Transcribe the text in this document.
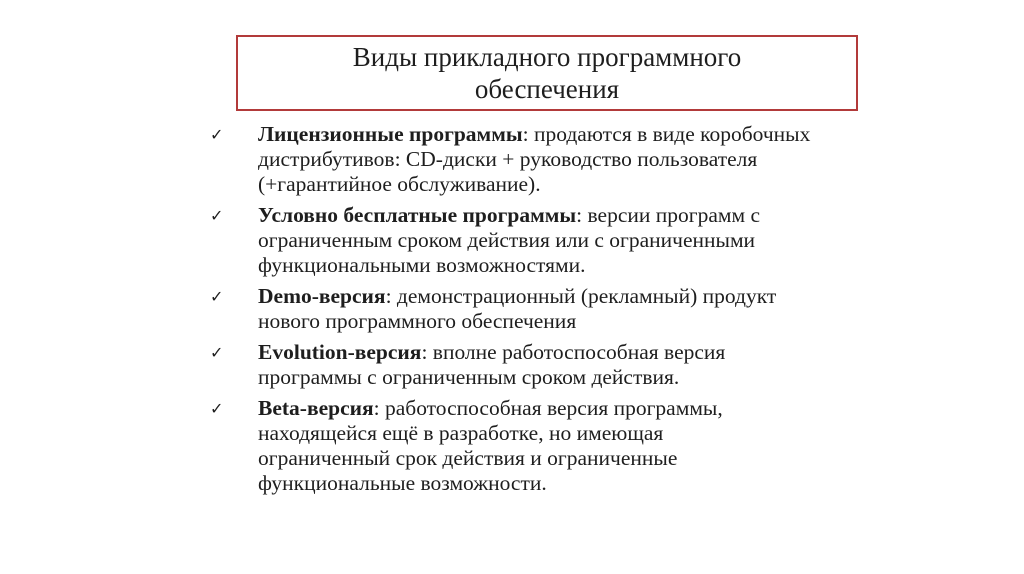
Виды прикладного программного
обеспечения
✓ Лицензионные программы: продаются в виде коробочных
дистрибутивов: CD-диски + руководство пользователя
(+гарантийное обслуживание).
✓ Условно бесплатные программы: версии программ с
ограниченным сроком действия или с ограниченными
функциональными возможностями.
✓ Demo-версия: демонстрационный (рекламный) продукт
нового программного обеспечения
✓ Evolution-версия: вполне работоспособная версия
программы с ограниченным сроком действия.
✓ Beta-версия: работоспособная версия программы,
находящейся ещё в разработке, но имеющая
ограниченный срок действия и ограниченные
функциональные возможности.
